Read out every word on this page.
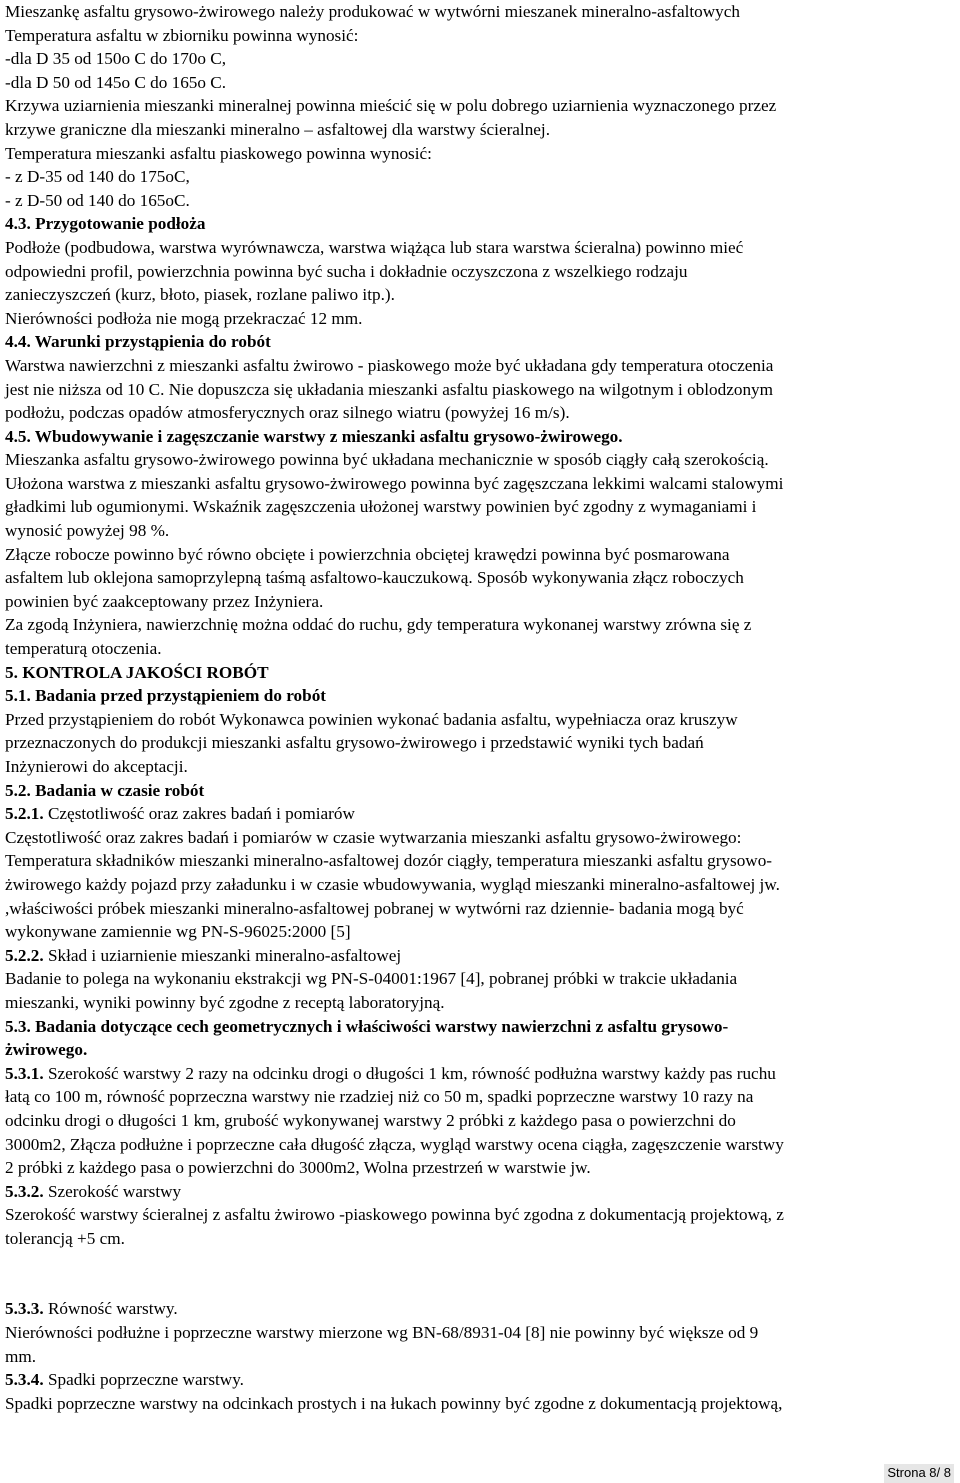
Mieszankę asfaltu grysowo-żwirowego należy produkować w wytwórni mieszanek mineralno-asfaltowych
Temperatura asfaltu w zbiorniku powinna wynosić:
-dla D 35 od 150o C do 170o C,
-dla D 50 od 145o C do 165o C.
Krzywa uziarnienia mieszanki mineralnej powinna mieścić się w polu dobrego uziarnienia wyznaczonego przez
krzywe graniczne dla mieszanki mineralno – asfaltowej dla warstwy ścieralnej.
Temperatura mieszanki asfaltu piaskowego powinna wynosić:
- z D-35 od 140 do 175oC,
- z D-50 od 140 do 165oC.
4.3. Przygotowanie podłoża
Podłoże (podbudowa, warstwa wyrównawcza, warstwa wiążąca lub stara warstwa ścieralna) powinno mieć
odpowiedni profil, powierzchnia powinna być sucha i dokładnie oczyszczona z wszelkiego rodzaju
zanieczyszczeń (kurz, błoto, piasek, rozlane paliwo itp.).
Nierówności podłoża nie mogą przekraczać 12 mm.
4.4. Warunki przystąpienia do robót
Warstwa nawierzchni z mieszanki asfaltu żwirowo - piaskowego może być układana gdy temperatura otoczenia
jest nie niższa od 10 C. Nie dopuszcza się układania mieszanki asfaltu piaskowego na wilgotnym i oblodzonym
podłożu, podczas opadów atmosferycznych oraz silnego wiatru (powyżej 16 m/s).
4.5. Wbudowywanie i zagęszczanie warstwy z mieszanki asfaltu grysowo-żwirowego.
Mieszanka asfaltu grysowo-żwirowego powinna być układana mechanicznie w sposób ciągły całą szerokością.
Ułożona warstwa z mieszanki asfaltu grysowo-żwirowego powinna być zagęszczana lekkimi walcami stalowymi
gładkimi lub ogumionymi. Wskaźnik zagęszczenia ułożonej warstwy powinien być zgodny z wymaganiami i
wynosić powyżej 98 %.
Złącze robocze powinno być równo obcięte i powierzchnia obciętej krawędzi powinna być posmarowana
asfaltem lub oklejona samoprzylepną taśmą asfaltowo-kauczukową. Sposób wykonywania złącz roboczych
powinien być zaakceptowany przez Inżyniera.
Za zgodą Inżyniera, nawierzchnię można oddać do ruchu, gdy temperatura wykonanej warstwy zrówna się z
temperaturą otoczenia.
5. KONTROLA JAKOŚCI ROBÓT
5.1. Badania przed przystąpieniem do robót
Przed przystąpieniem do robót Wykonawca powinien wykonać badania asfaltu, wypełniacza oraz kruszyw
przeznaczonych do produkcji mieszanki asfaltu grysowo-żwirowego i przedstawić wyniki tych badań
Inżynierowi do akceptacji.
5.2. Badania w czasie robót
5.2.1. Częstotliwość oraz zakres badań i pomiarów
Częstotliwość oraz zakres badań i pomiarów w czasie wytwarzania mieszanki asfaltu grysowo-żwirowego:
Temperatura składników mieszanki mineralno-asfaltowej dozór ciągły, temperatura mieszanki asfaltu grysowo-
żwirowego każdy pojazd przy załadunku i w czasie wbudowywania, wygląd mieszanki mineralno-asfaltowej jw.
,właściwości próbek mieszanki mineralno-asfaltowej pobranej w wytwórni raz dziennie- badania mogą być
wykonywane zamiennie wg PN-S-96025:2000 [5]
5.2.2. Skład i uziarnienie mieszanki mineralno-asfaltowej
Badanie to polega na wykonaniu ekstrakcji wg PN-S-04001:1967 [4], pobranej próbki w trakcie układania
mieszanki, wyniki powinny być zgodne z receptą laboratoryjną.
5.3. Badania dotyczące cech geometrycznych i właściwości warstwy nawierzchni z asfaltu grysowo-
żwirowego.
5.3.1. Szerokość warstwy 2 razy na odcinku drogi o długości 1 km, równość podłużna warstwy każdy pas ruchu
łatą co 100 m, równość poprzeczna warstwy nie rzadziej niż co 50 m, spadki poprzeczne warstwy 10 razy na
odcinku drogi o długości 1 km, grubość wykonywanej warstwy 2 próbki z każdego pasa o powierzchni do
3000m2, Złącza podłużne i poprzeczne cała długość złącza, wygląd warstwy ocena ciągła, zagęszczenie warstwy
2 próbki z każdego pasa o powierzchni do 3000m2, Wolna przestrzeń w warstwie jw.
5.3.2. Szerokość warstwy
Szerokość warstwy ścieralnej z asfaltu żwirowo -piaskowego powinna być zgodna z dokumentacją projektową, z
tolerancją +5 cm.
5.3.3. Równość warstwy.
Nierówności podłużne i poprzeczne warstwy mierzone wg BN-68/8931-04 [8] nie powinny być większe od 9
mm.
5.3.4. Spadki poprzeczne warstwy.
Spadki poprzeczne warstwy na odcinkach prostych i na łukach powinny być zgodne z dokumentacją projektową,
Strona 8/ 8
